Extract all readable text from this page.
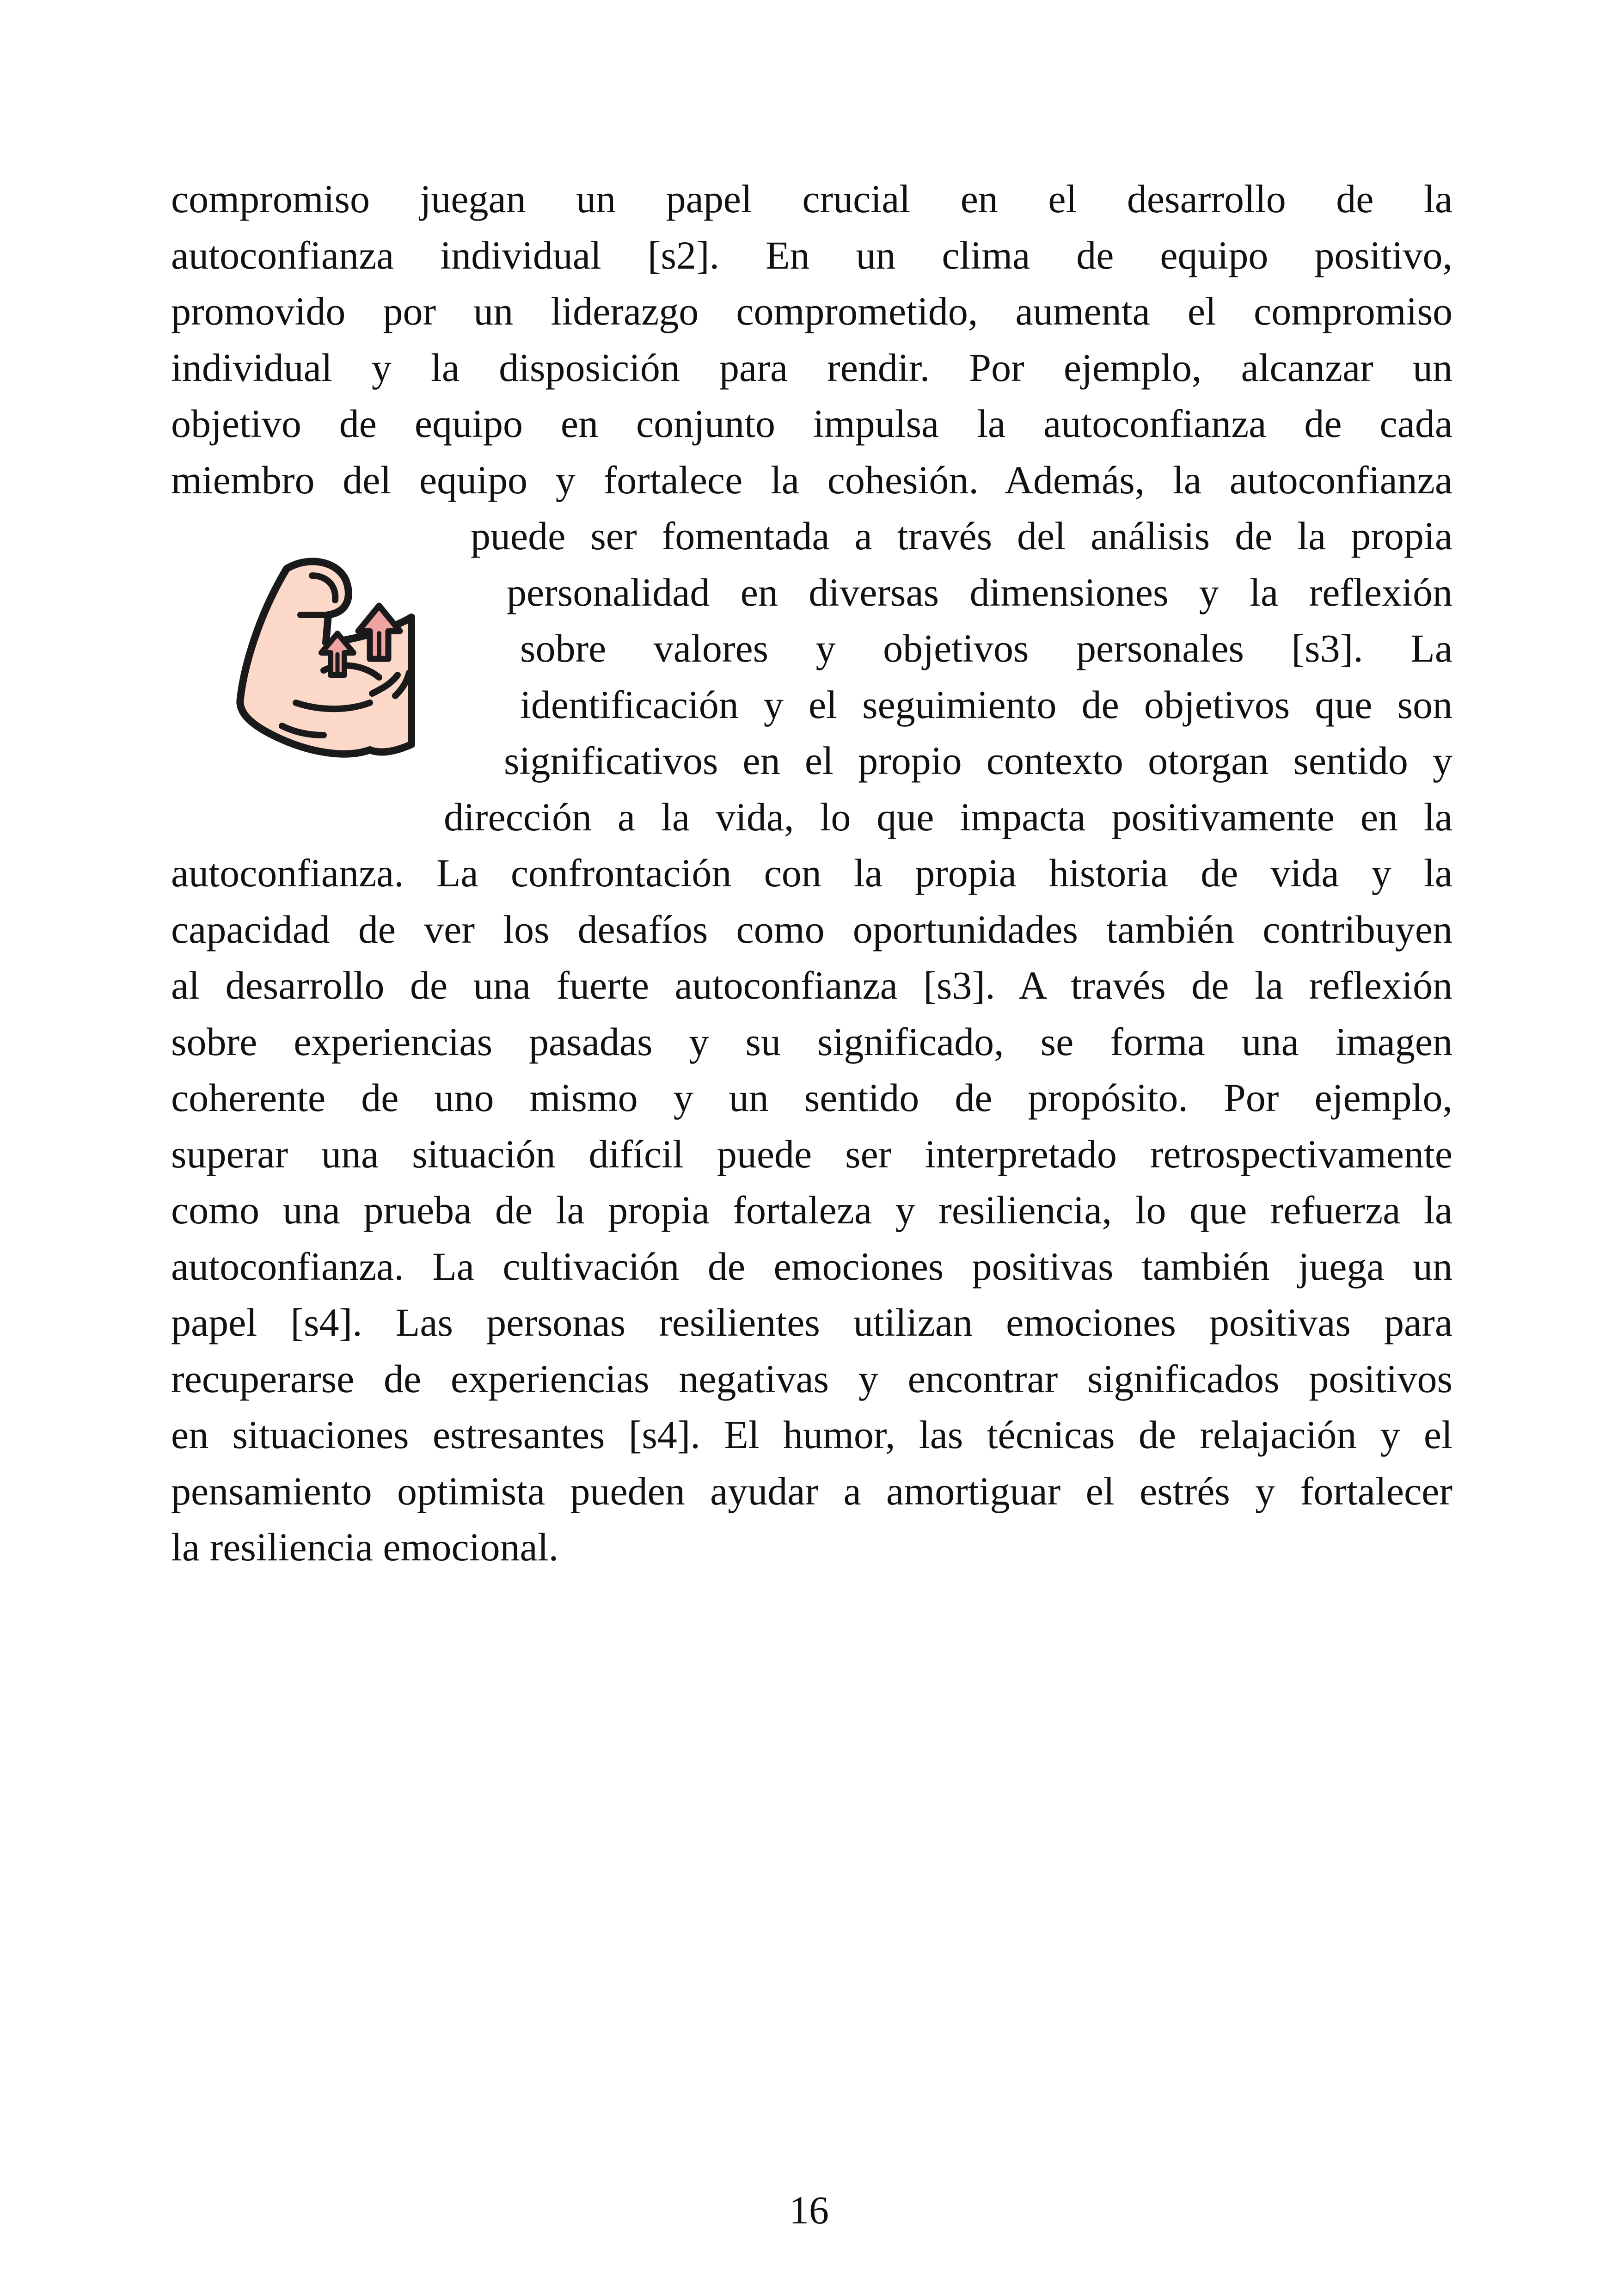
compromiso juegan un papel crucial en el desarrollo de la
autoconfianza individual [s2]. En un clima de equipo positivo,
promovido por un liderazgo comprometido, aumenta el compromiso
individual y la disposición para rendir. Por ejemplo, alcanzar un
objetivo de equipo en conjunto impulsa la autoconfianza de cada
miembro del equipo y fortalece la cohesión. Además, la autoconfianza
puede ser fomentada a través del análisis de la propia
personalidad en diversas dimensiones y la reflexión
sobre valores y objetivos personales [s3]. La
identificación y el seguimiento de objetivos que son
significativos en el propio contexto otorgan sentido y
dirección a la vida, lo que impacta positivamente en la
autoconfianza. La confrontación con la propia historia de vida y la
capacidad de ver los desafíos como oportunidades también contribuyen
al desarrollo de una fuerte autoconfianza [s3]. A través de la reflexión
sobre experiencias pasadas y su significado, se forma una imagen
coherente de uno mismo y un sentido de propósito. Por ejemplo,
superar una situación difícil puede ser interpretado retrospectivamente
como una prueba de la propia fortaleza y resiliencia, lo que refuerza la
autoconfianza. La cultivación de emociones positivas también juega un
papel [s4]. Las personas resilientes utilizan emociones positivas para
recuperarse de experiencias negativas y encontrar significados positivos
en situaciones estresantes [s4]. El humor, las técnicas de relajación y el
pensamiento optimista pueden ayudar a amortiguar el estrés y fortalecer
la resiliencia emocional.
16
